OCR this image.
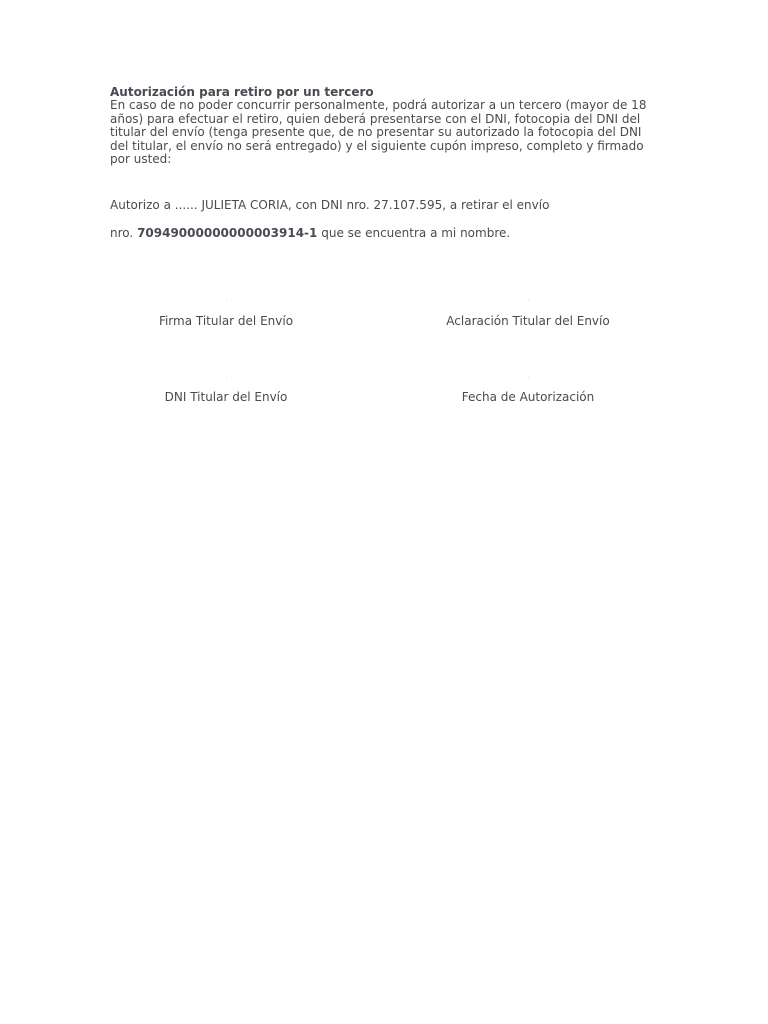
Autorización para retiro por un tercero

En caso de no poder concurrir personalmente, podrá autorizar a un tercero (mayor de 18 años) para efectuar el retiro, quien deberá presentarse con el DNI, fotocopia del DNI del titular del envío (tenga presente que, de no presentar su autorizado la fotocopia del DNI del titular, el envío no será entregado) y el siguiente cupón impreso, completo y firmado por usted:

Autorizo a ...... JULIETA CORIA, con DNI nro. 27.107.595, a retirar el envío
nro. 70949000000000003914-1 que se encuentra a mi nombre.
Firma Titular del Envío	Aclaración Titular del Envío
DNI Titular del Envío	Fecha de Autorización
